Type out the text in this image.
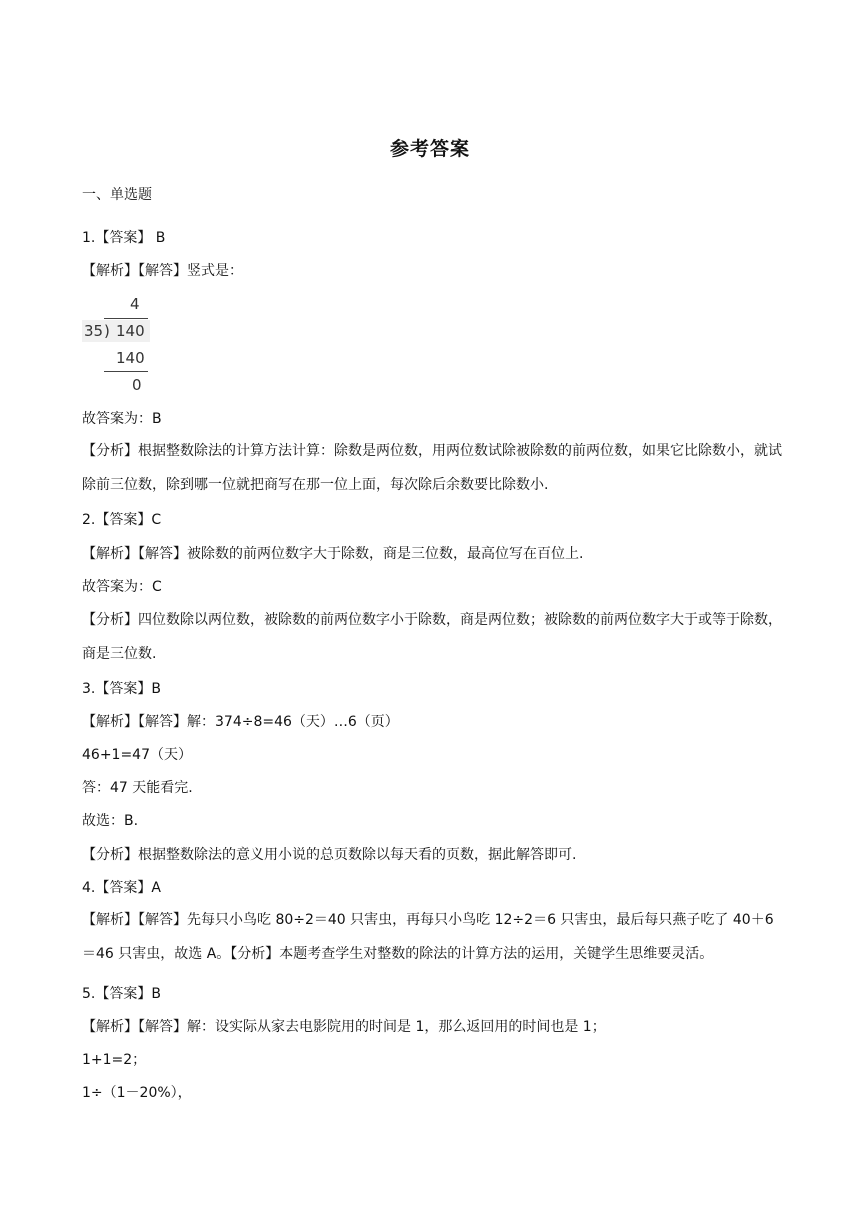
参考答案
一、单选题
1.【答案】 B
【解析】【解答】竖式是：
4
35 ) 140
140
0
故答案为：B
【分析】根据整数除法的计算方法计算：除数是两位数，用两位数试除被除数的前两位数，如果它比除数小，就试除前三位数，除到哪一位就把商写在那一位上面，每次除后余数要比除数小.
2.【答案】C
【解析】【解答】被除数的前两位数字大于除数，商是三位数，最高位写在百位上.
故答案为：C
【分析】四位数除以两位数，被除数的前两位数字小于除数，商是两位数；被除数的前两位数字大于或等于除数，商是三位数.
3.【答案】B
【解析】【解答】解：374÷8=46（天）…6（页）
46+1=47（天）
答：47 天能看完.
故选：B.
【分析】根据整数除法的意义用小说的总页数除以每天看的页数，据此解答即可.
4.【答案】A
【解析】【解答】先每只小鸟吃 80÷2＝40 只害虫，再每只小鸟吃 12÷2＝6 只害虫，最后每只燕子吃了 40＋6＝46 只害虫，故选 A。【分析】本题考查学生对整数的除法的计算方法的运用，关键学生思维要灵活。
5.【答案】B
【解析】【解答】解：设实际从家去电影院用的时间是 1，那么返回用的时间也是 1；
1+1=2；
1÷（1－20%），
